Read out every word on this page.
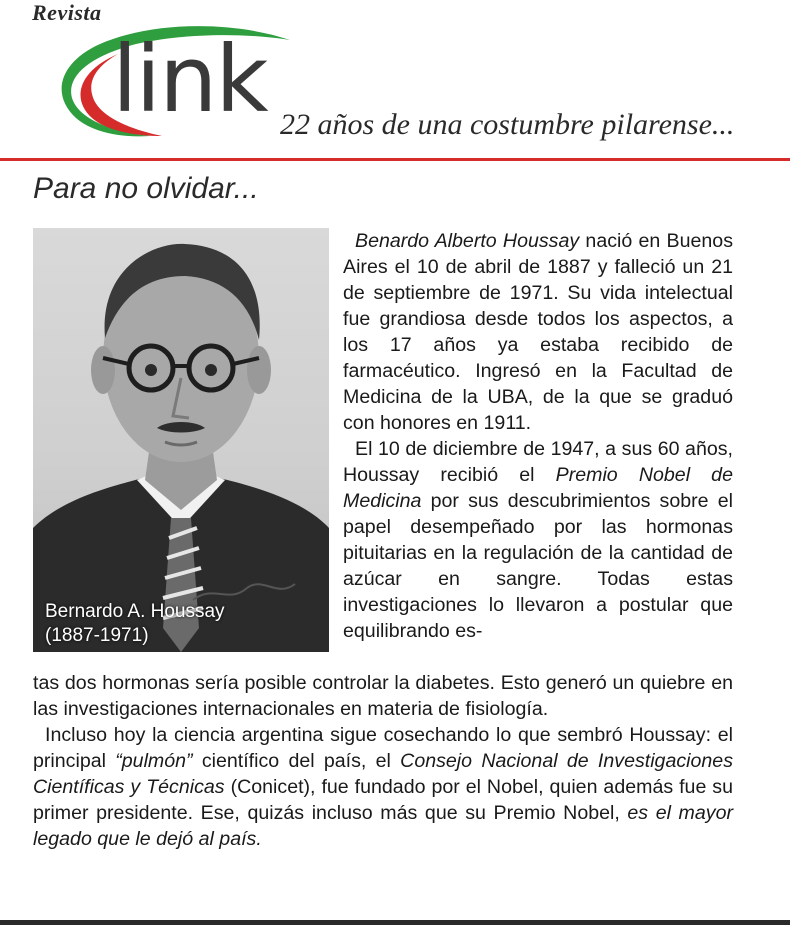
Revista
link 22 años de una costumbre pilarense...
Para no olvidar...
Bernardo A. Houssay
(1887-1971)

Benardo Alberto Houssay nació en Buenos Aires el 10 de abril de 1887 y falleció un 21 de septiembre de 1971. Su vida intelectual fue grandiosa desde todos los aspectos, a los 17 años ya estaba recibido de farmacéutico. Ingresó en la Facultad de Medicina de la UBA, de la que se graduó con honores en 1911.

El 10 de diciembre de 1947, a sus 60 años, Houssay recibió el Premio Nobel de Medicina por sus descubrimientos sobre el papel desempeñado por las hormonas pituitarias en la regulación de la cantidad de azúcar en sangre. Todas estas investigaciones lo llevaron a postular que equilibrando es-

tas dos hormonas sería posible controlar la diabetes. Esto generó un quiebre en las investigaciones internacionales en materia de fisiología.

Incluso hoy la ciencia argentina sigue cosechando lo que sembró Houssay: el principal “pulmón” científico del país, el Consejo Nacional de Investigaciones Científicas y Técnicas (Conicet), fue fundado por el Nobel, quien además fue su primer presidente. Ese, quizás incluso más que su Premio Nobel, es el mayor legado que le dejó al país.
